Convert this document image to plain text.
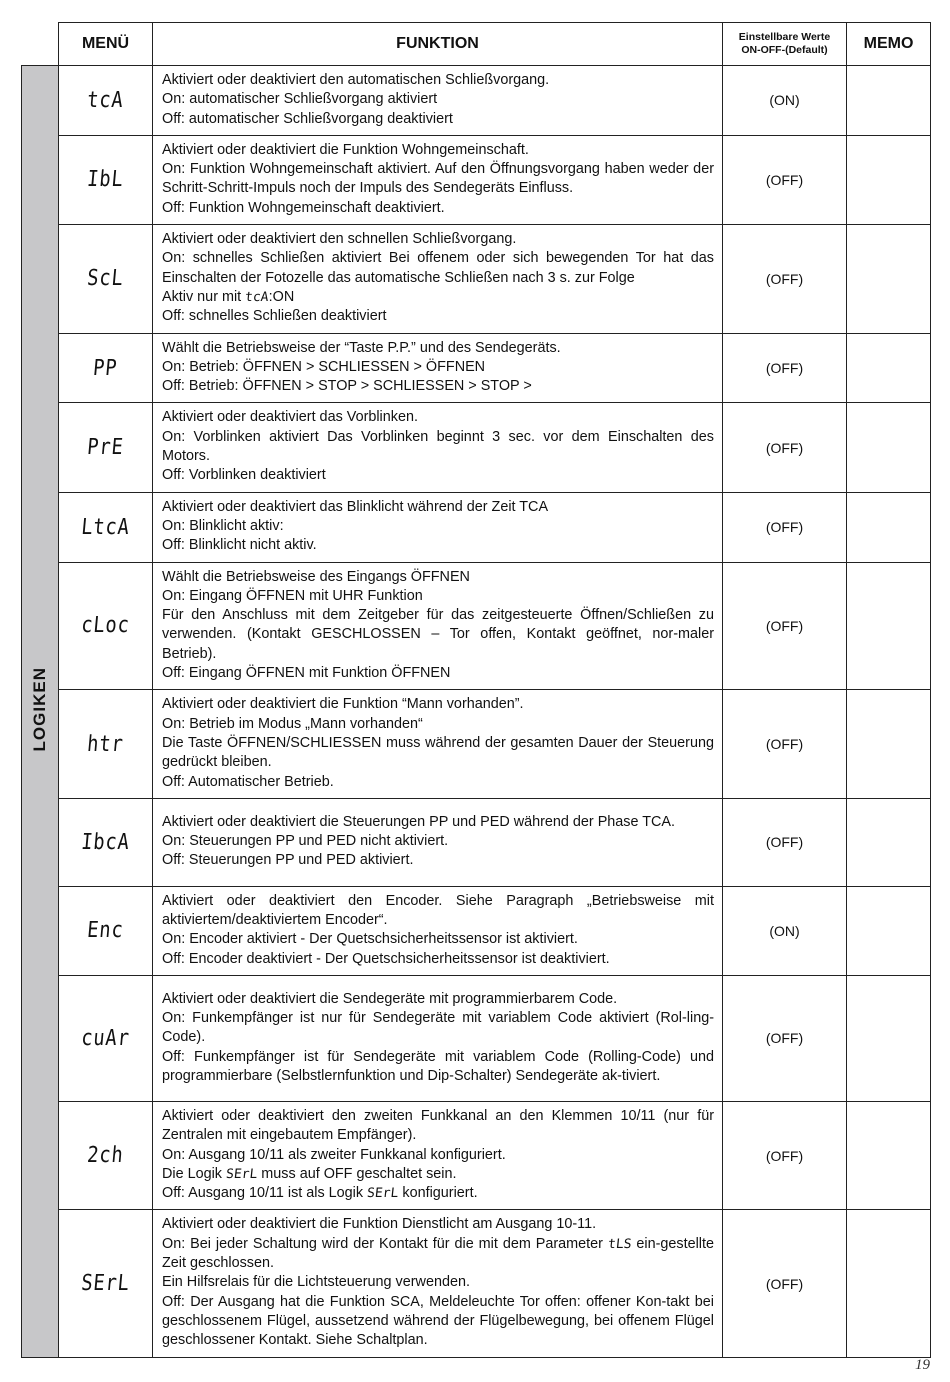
	MENÜ	FUNKTION	Einstellbare Werte
ON-OFF-(Default)	MEMO
LOGIKEN	tcA	Aktiviert oder deaktiviert den automatischen Schließvorgang.
On: automatischer Schließvorgang aktiviert
Off: automatischer Schließvorgang deaktiviert	(ON)	
	IbL	Aktiviert oder deaktiviert die Funktion Wohngemeinschaft.
On: Funktion Wohngemeinschaft aktiviert. Auf den Öffnungsvorgang haben weder der Schritt-Schritt-Impuls noch der Impuls des Sendegeräts Einfluss.
Off: Funktion Wohngemeinschaft deaktiviert.	(OFF)	
	ScL	Aktiviert oder deaktiviert den schnellen Schließvorgang.
On: schnelles Schließen aktiviert Bei offenem oder sich bewegenden Tor hat das Einschalten der Fotozelle das automatische Schließen nach 3 s. zur Folge
Aktiv nur mit tcA:ON
Off: schnelles Schließen deaktiviert	(OFF)	
	PP	Wählt die Betriebsweise der “Taste P.P.” und des Sendegeräts.
On: Betrieb: ÖFFNEN > SCHLIESSEN > ÖFFNEN
Off: Betrieb: ÖFFNEN > STOP > SCHLIESSEN > STOP >	(OFF)	
	PrE	Aktiviert oder deaktiviert das Vorblinken.
On: Vorblinken aktiviert Das Vorblinken beginnt 3 sec. vor dem Einschalten des Motors.
Off: Vorblinken deaktiviert	(OFF)	
	LtcA	Aktiviert oder deaktiviert das Blinklicht während der Zeit TCA
On: Blinklicht aktiv:
Off: Blinklicht nicht aktiv.	(OFF)	
	cLoc	Wählt die Betriebsweise des Eingangs ÖFFNEN
On: Eingang ÖFFNEN mit UHR Funktion
Für den Anschluss mit dem Zeitgeber für das zeitgesteuerte Öffnen/Schließen zu verwenden. (Kontakt GESCHLOSSEN – Tor offen, Kontakt geöffnet, nor-maler Betrieb).
Off: Eingang ÖFFNEN mit Funktion ÖFFNEN	(OFF)	
	htr	Aktiviert oder deaktiviert die Funktion “Mann vorhanden”.
On: Betrieb im Modus „Mann vorhanden“
Die Taste ÖFFNEN/SCHLIESSEN muss während der gesamten Dauer der Steuerung gedrückt bleiben.
Off: Automatischer Betrieb.	(OFF)	
	IbcA	Aktiviert oder deaktiviert die Steuerungen PP und PED während der Phase TCA.
On: Steuerungen PP und PED nicht aktiviert.
Off: Steuerungen PP und PED aktiviert.	(OFF)	
	Enc	Aktiviert oder deaktiviert den Encoder. Siehe Paragraph „Betriebsweise mit aktiviertem/deaktiviertem Encoder“.
On: Encoder aktiviert - Der Quetschsicherheitssensor ist aktiviert.
Off: Encoder deaktiviert - Der Quetschsicherheitssensor ist deaktiviert.	(ON)	
	cuAr	Aktiviert oder deaktiviert die Sendegeräte mit programmierbarem Code.
On: Funkempfänger ist nur für Sendegeräte mit variablem Code aktiviert (Rol-ling-Code).
Off: Funkempfänger ist für Sendegeräte mit variablem Code (Rolling-Code) und programmierbare (Selbstlernfunktion und Dip-Schalter) Sendegeräte ak-tiviert.	(OFF)	
	2ch	Aktiviert oder deaktiviert den zweiten Funkkanal an den Klemmen 10/11 (nur für Zentralen mit eingebautem Empfänger).
On: Ausgang 10/11 als zweiter Funkkanal konfiguriert.
Die Logik SErL muss auf OFF geschaltet sein.
Off: Ausgang 10/11 ist als Logik SErL konfiguriert.	(OFF)	
	SErL	Aktiviert oder deaktiviert die Funktion Dienstlicht am Ausgang 10-11.
On: Bei jeder Schaltung wird der Kontakt für die mit dem Parameter tLS ein-gestellte Zeit geschlossen.
Ein Hilfsrelais für die Lichtsteuerung verwenden.
Off: Der Ausgang hat die Funktion SCA, Meldeleuchte Tor offen: offener Kon-takt bei geschlossenem Flügel, aussetzend während der Flügelbewegung, bei offenem Flügel geschlossener Kontakt. Siehe Schaltplan.	(OFF)	
19
